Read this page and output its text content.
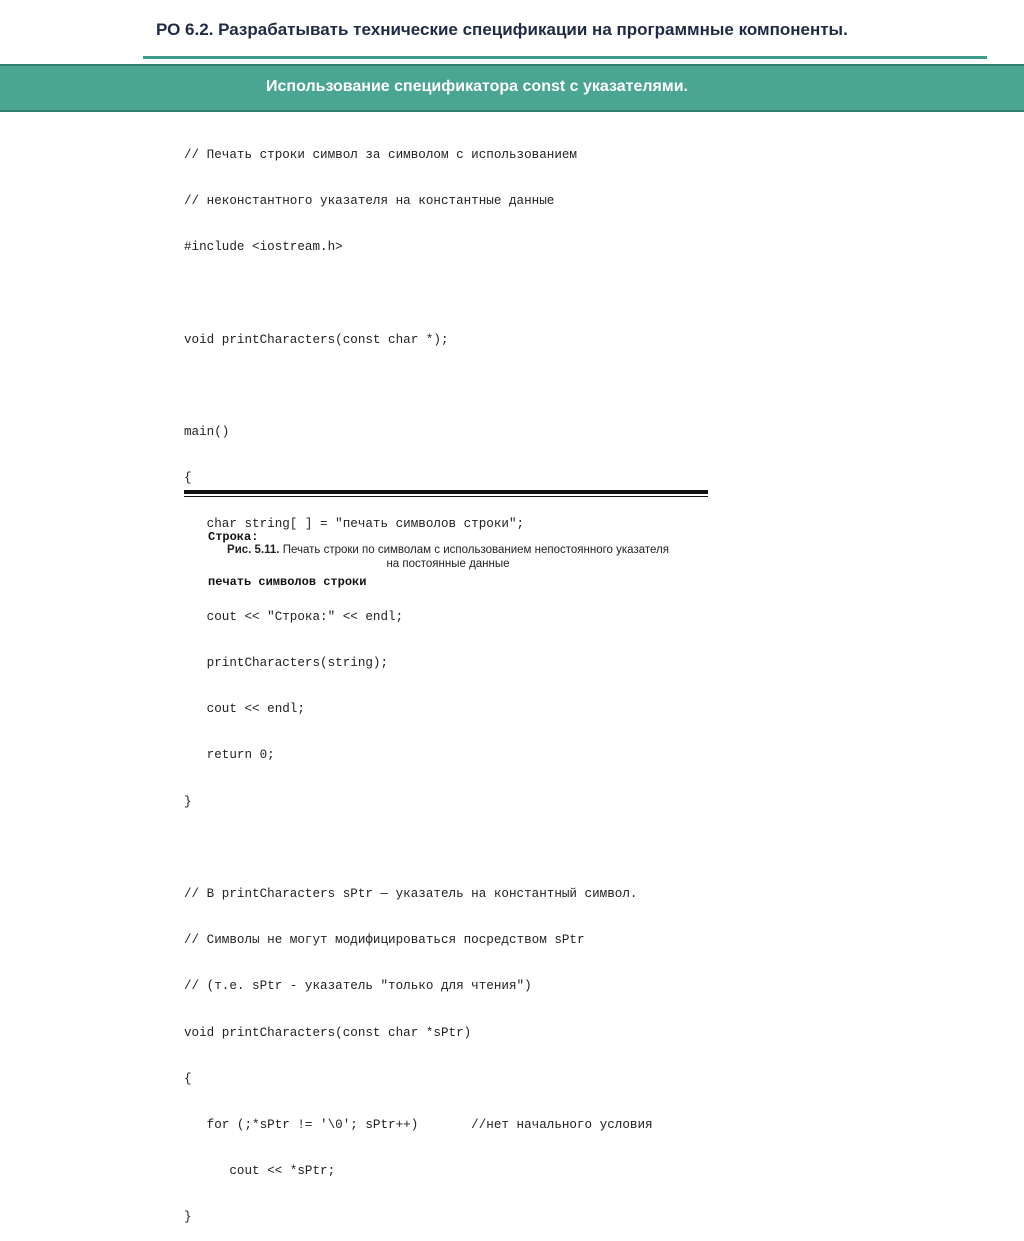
РО 6.2. Разрабатывать технические спецификации на программные компоненты.
Использование спецификатора const с указателями.

// Печать строки символ за символом с использованием

// неконстантного указателя на константные данные

#include <iostream.h>

void printCharacters(const char *);

main()

{

char string[ ] = "печать символов строки";

cout << "Строка:" << endl;

printCharacters(string);

cout << endl;

return 0;

}

// В printCharacters sPtr — указатель на константный символ.

// Символы не могут модифицироваться посредством sPtr

// (т.е. sPtr - указатель "только для чтения")

void printCharacters(const char *sPtr)

{

for (;*sPtr != '\0'; sPtr++)       //нет начального условия

cout << *sPtr;

}

Строка:

печать символов строки

Рис. 5.11. Печать строки по символам с использованием непостоянного указателя
на постоянные данные
